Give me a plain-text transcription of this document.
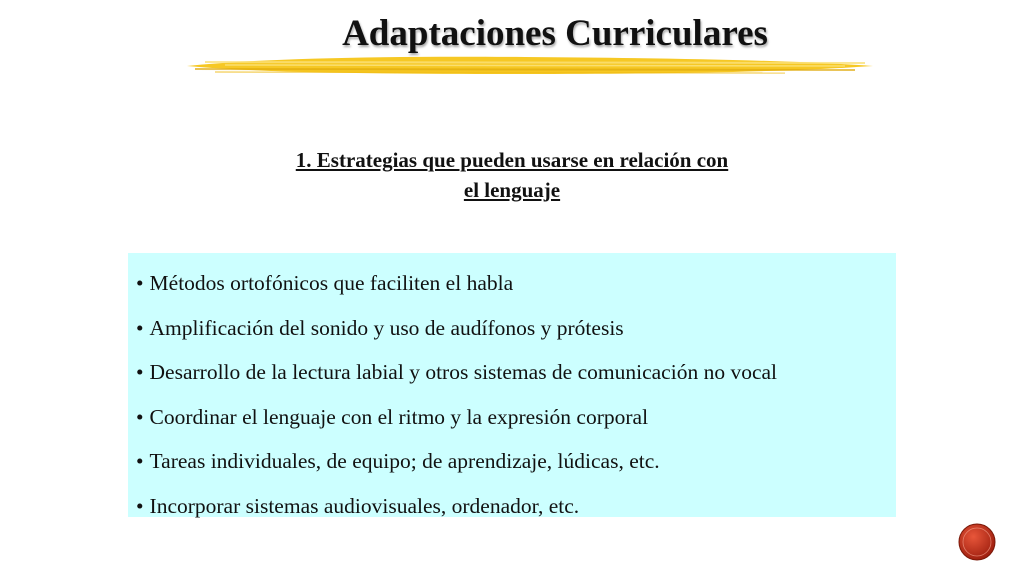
Adaptaciones Curriculares
1. Estrategias que pueden usarse en relación con
el lenguaje
• Métodos ortofónicos que faciliten el habla
• Amplificación del sonido y uso de audífonos y prótesis
• Desarrollo de la lectura labial y otros sistemas de comunicación no vocal
• Coordinar el lenguaje con el ritmo y la expresión corporal
• Tareas individuales, de equipo; de aprendizaje, lúdicas, etc.
• Incorporar sistemas audiovisuales, ordenador, etc.
